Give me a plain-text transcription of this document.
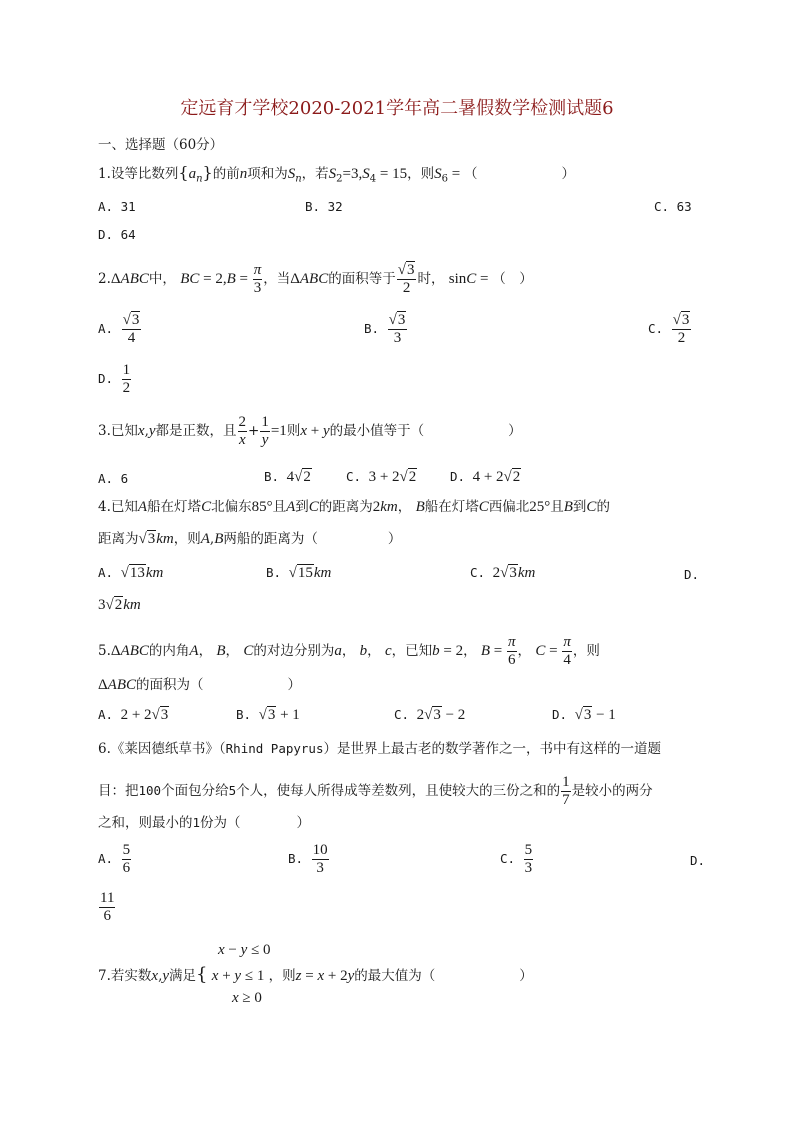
定远育才学校2020-2021学年高二暑假数学检测试题6
一、选择题（60分）
1.设等比数列$\{a_n\}$的前n项和为$S_n$，若$S_2=3,S_4 = 15$，则$S_6$ = （	）
A. 31	B. 32	C. 63
D. 64
2.ΔABC中， BC = $2,B = \frac{\pi}{3}$ ，当ΔABC的面积等于 $\frac{√3}{2}$ 时， sinC = （　）
A. $\frac{√3}{4}$	B. $\frac{√3}{3}$	C. $\frac{√3}{2}$
D. $\frac{1}{2}$
3.已知x,y都是正数，且 $\frac{2}{x} + \frac{1}{y} =1$则x + y的最小值等于（	）
A. 6	B. 4√2	C. 3 + 2√2	D. 4 + 2√2
4.已知A船在灯塔C北偏东85°且A到C的距离为2km， B船在灯塔C西偏北25°且B到C的
距离为√3km，则A,B两船的距离为（	）
A. √13km	B. √15km	C. 2√3km	D.
3√2km
5.ΔABC的内角A， B， C的对边分别为a， b， c，已知b = 2， $B = \frac{\pi}{6}$ ， $C = \frac{\pi}{4}$ ，则
ΔABC的面积为（	）
A. 2 + 2√3	B. √3 + 1	C. 2√3 − 2	D. √3 − 1
6.《莱因德纸草书》（Rhind Papyrus）是世界上最古老的数学著作之一，书中有这样的一道题
目：把100个面包分给5个人，使每人所得成等差数列，且使较大的三份之和的 $\frac{1}{7}$ 是较小的两分
之和，则最小的1份为（	）
A. $\frac{5}{6}$	B. $\frac{10}{3}$	C. $\frac{5}{3}$	D.
$\frac{11}{6}$
x − y ≤ 0
7.若实数x,y满足{ x + y ≤ 1 ，则z = x + 2y的最大值为（	）
x ≥ 0
